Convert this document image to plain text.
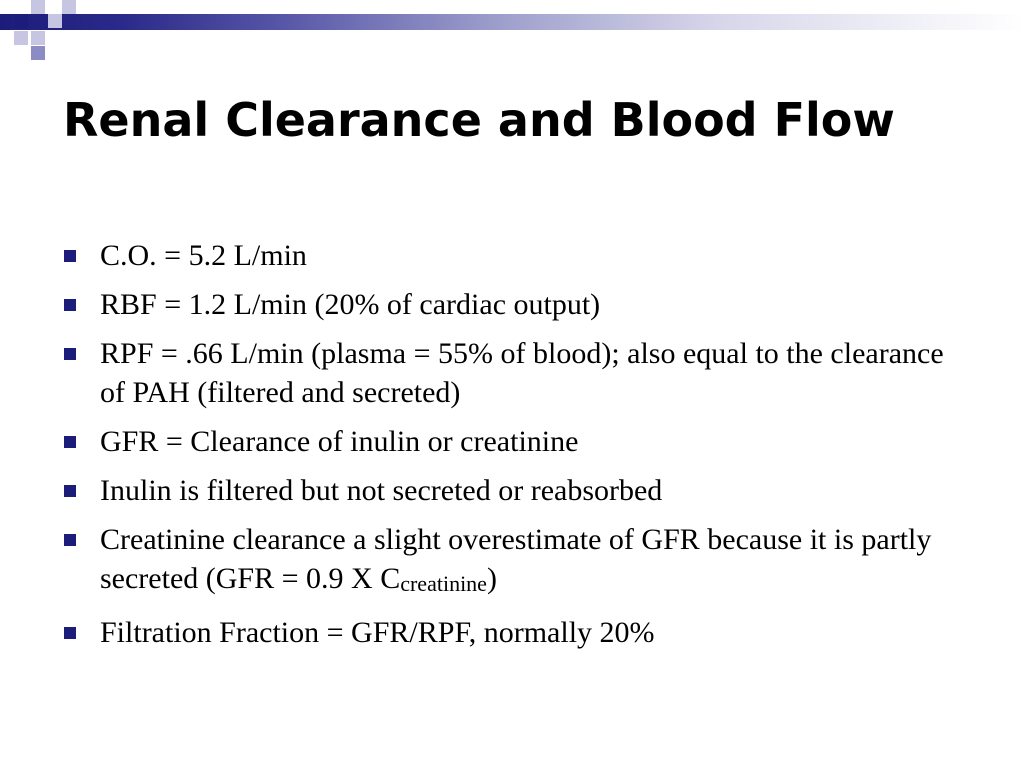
Renal Clearance and Blood Flow
C.O. = 5.2 L/min
RBF = 1.2 L/min (20% of cardiac output)
RPF = .66 L/min (plasma = 55% of blood); also equal to the clearance of PAH (filtered and secreted)
GFR = Clearance of inulin or creatinine
Inulin is filtered but not secreted or reabsorbed
Creatinine clearance a slight overestimate of GFR because it is partly secreted (GFR = 0.9 X Ccreatinine)
Filtration Fraction = GFR/RPF, normally 20%
